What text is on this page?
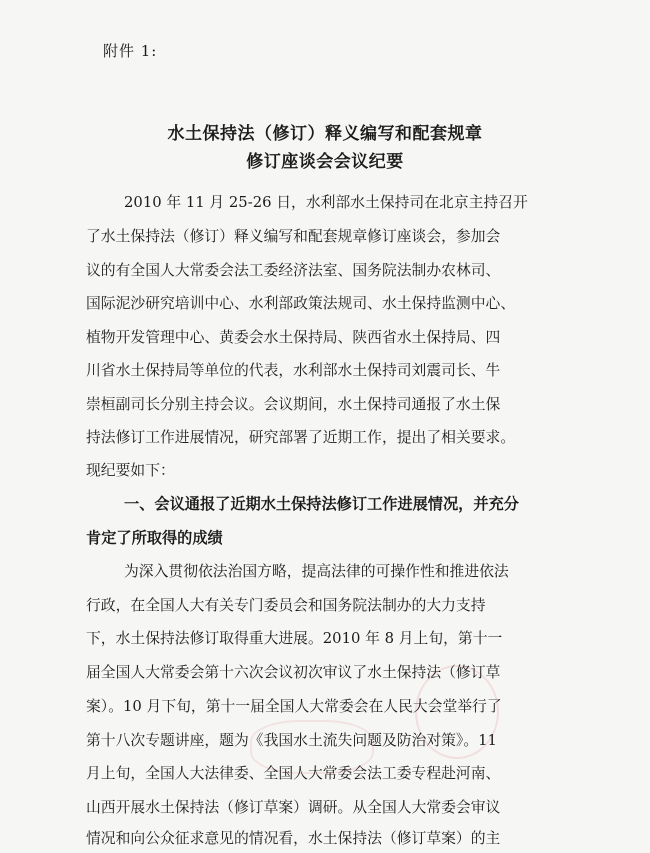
附件 1:
水土保持法（修订）释义编写和配套规章
修订座谈会会议纪要
2010 年 11 月 25-26 日，水利部水土保持司在北京主持召开
了水土保持法（修订）释义编写和配套规章修订座谈会，参加会
议的有全国人大常委会法工委经济法室、国务院法制办农林司、
国际泥沙研究培训中心、水利部政策法规司、水土保持监测中心、
植物开发管理中心、黄委会水土保持局、陕西省水土保持局、四
川省水土保持局等单位的代表，水利部水土保持司刘震司长、牛
崇桓副司长分别主持会议。会议期间，水土保持司通报了水土保
持法修订工作进展情况，研究部署了近期工作，提出了相关要求。
现纪要如下：
一、会议通报了近期水土保持法修订工作进展情况，并充分
肯定了所取得的成绩
为深入贯彻依法治国方略，提高法律的可操作性和推进依法
行政，在全国人大有关专门委员会和国务院法制办的大力支持
下，水土保持法修订取得重大进展。2010 年 8 月上旬，第十一
届全国人大常委会第十六次会议初次审议了水土保持法（修订草
案）。10 月下旬，第十一届全国人大常委会在人民大会堂举行了
第十八次专题讲座，题为《我国水土流失问题及防治对策》。11
月上旬，全国人大法律委、全国人大常委会法工委专程赴河南、
山西开展水土保持法（修订草案）调研。从全国人大常委会审议
情况和向公众征求意见的情况看，水土保持法（修订草案）的主
